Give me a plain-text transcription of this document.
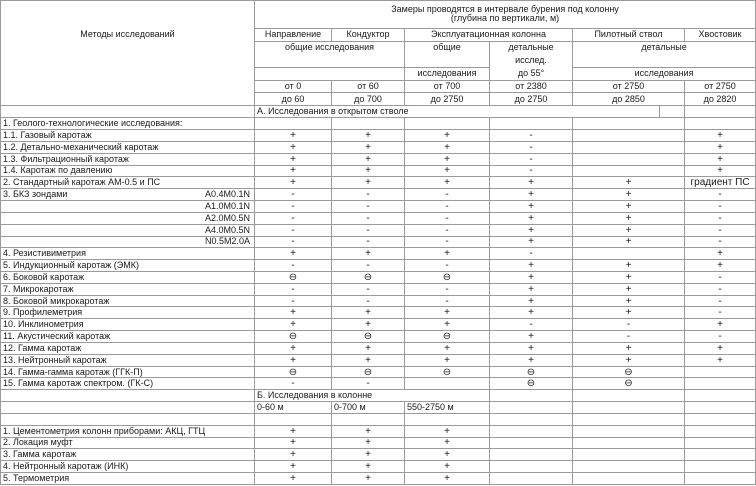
	Замеры проводятся в интервале бурения под колонну
(глубина по вертикали, м)						

Методы исследований	Направление	Кондуктор	Эксплуатационная колонна		Пилотный ствол		Хвостовик
	общие исследования		общие	детальные	детальные		
				исслед.			
			исследования	до 55°	исследования		
	от 0	от 60	от 700	от 2380	от 2750		от 2750
	до 60	до 700	до 2750	до 2750	до 2850		до 2820
	А. Исследования в открытом стволе						
1. Геолого-технологические исследования:							
1.1. Газовый каротаж	+	+	+	-			+
1.2. Детально-механический каротаж	+	+	+	-			+
1.3. Фильтрационный каротаж	+	+	+	-			+
1.4. Каротаж по давлению	+	+	+	-			+
2. Стандартный каротаж АМ-0.5 и ПС	+	+	+	+	+		градиент ПС
3. БКЗ зондами A0.4M0.1N	-	-	-	+	+		-

A1.0M0.1N	-	-	-	+	+		-

A2.0M0.5N	-	-	-	+	+		-

A4.0M0.5N	-	-	-	+	+		-

N0.5M2.0A	-	-	-	+	+		-
4. Резистивиметрия	+	+	+	-			+
5. Индукционный каротаж (ЭМК)	-	-	-	+	+		+
6. Боковой каротаж	⊖	⊖	⊖	+	+		-
7. Микрокаротаж	-	-	-	+	+		-
8. Боковой микрокаротаж	-	-	-	+	+		-
9. Профилеметрия	+	+	+	+	+		-
10. Инклинометрия	+	+	+	-	-		+
11. Акустический каротаж	⊖	⊖	⊖	+	-		-
12. Гамма каротаж	+	+	+	+	+		+
13. Нейтронный каротаж	+	+	+	+	+		+
14. Гамма-гамма каротаж (ГГК-П)	⊖	⊖	⊖	⊖	⊖		
15. Гамма каротаж спектром. (ГК-С)	-	-		⊖	⊖		
	Б. Исследования в колонне						
	0-60 м	0-700 м	550-2750 м				

1. Цементометрия колонн приборами: АКЦ, ГТЦ	+	+	+				
2. Локация муфт	+	+	+				
3. Гамма каротаж	+	+	+				
4. Нейтронный каротаж (ИНК)	+	+	+				
5. Термометрия	+	+	+				
